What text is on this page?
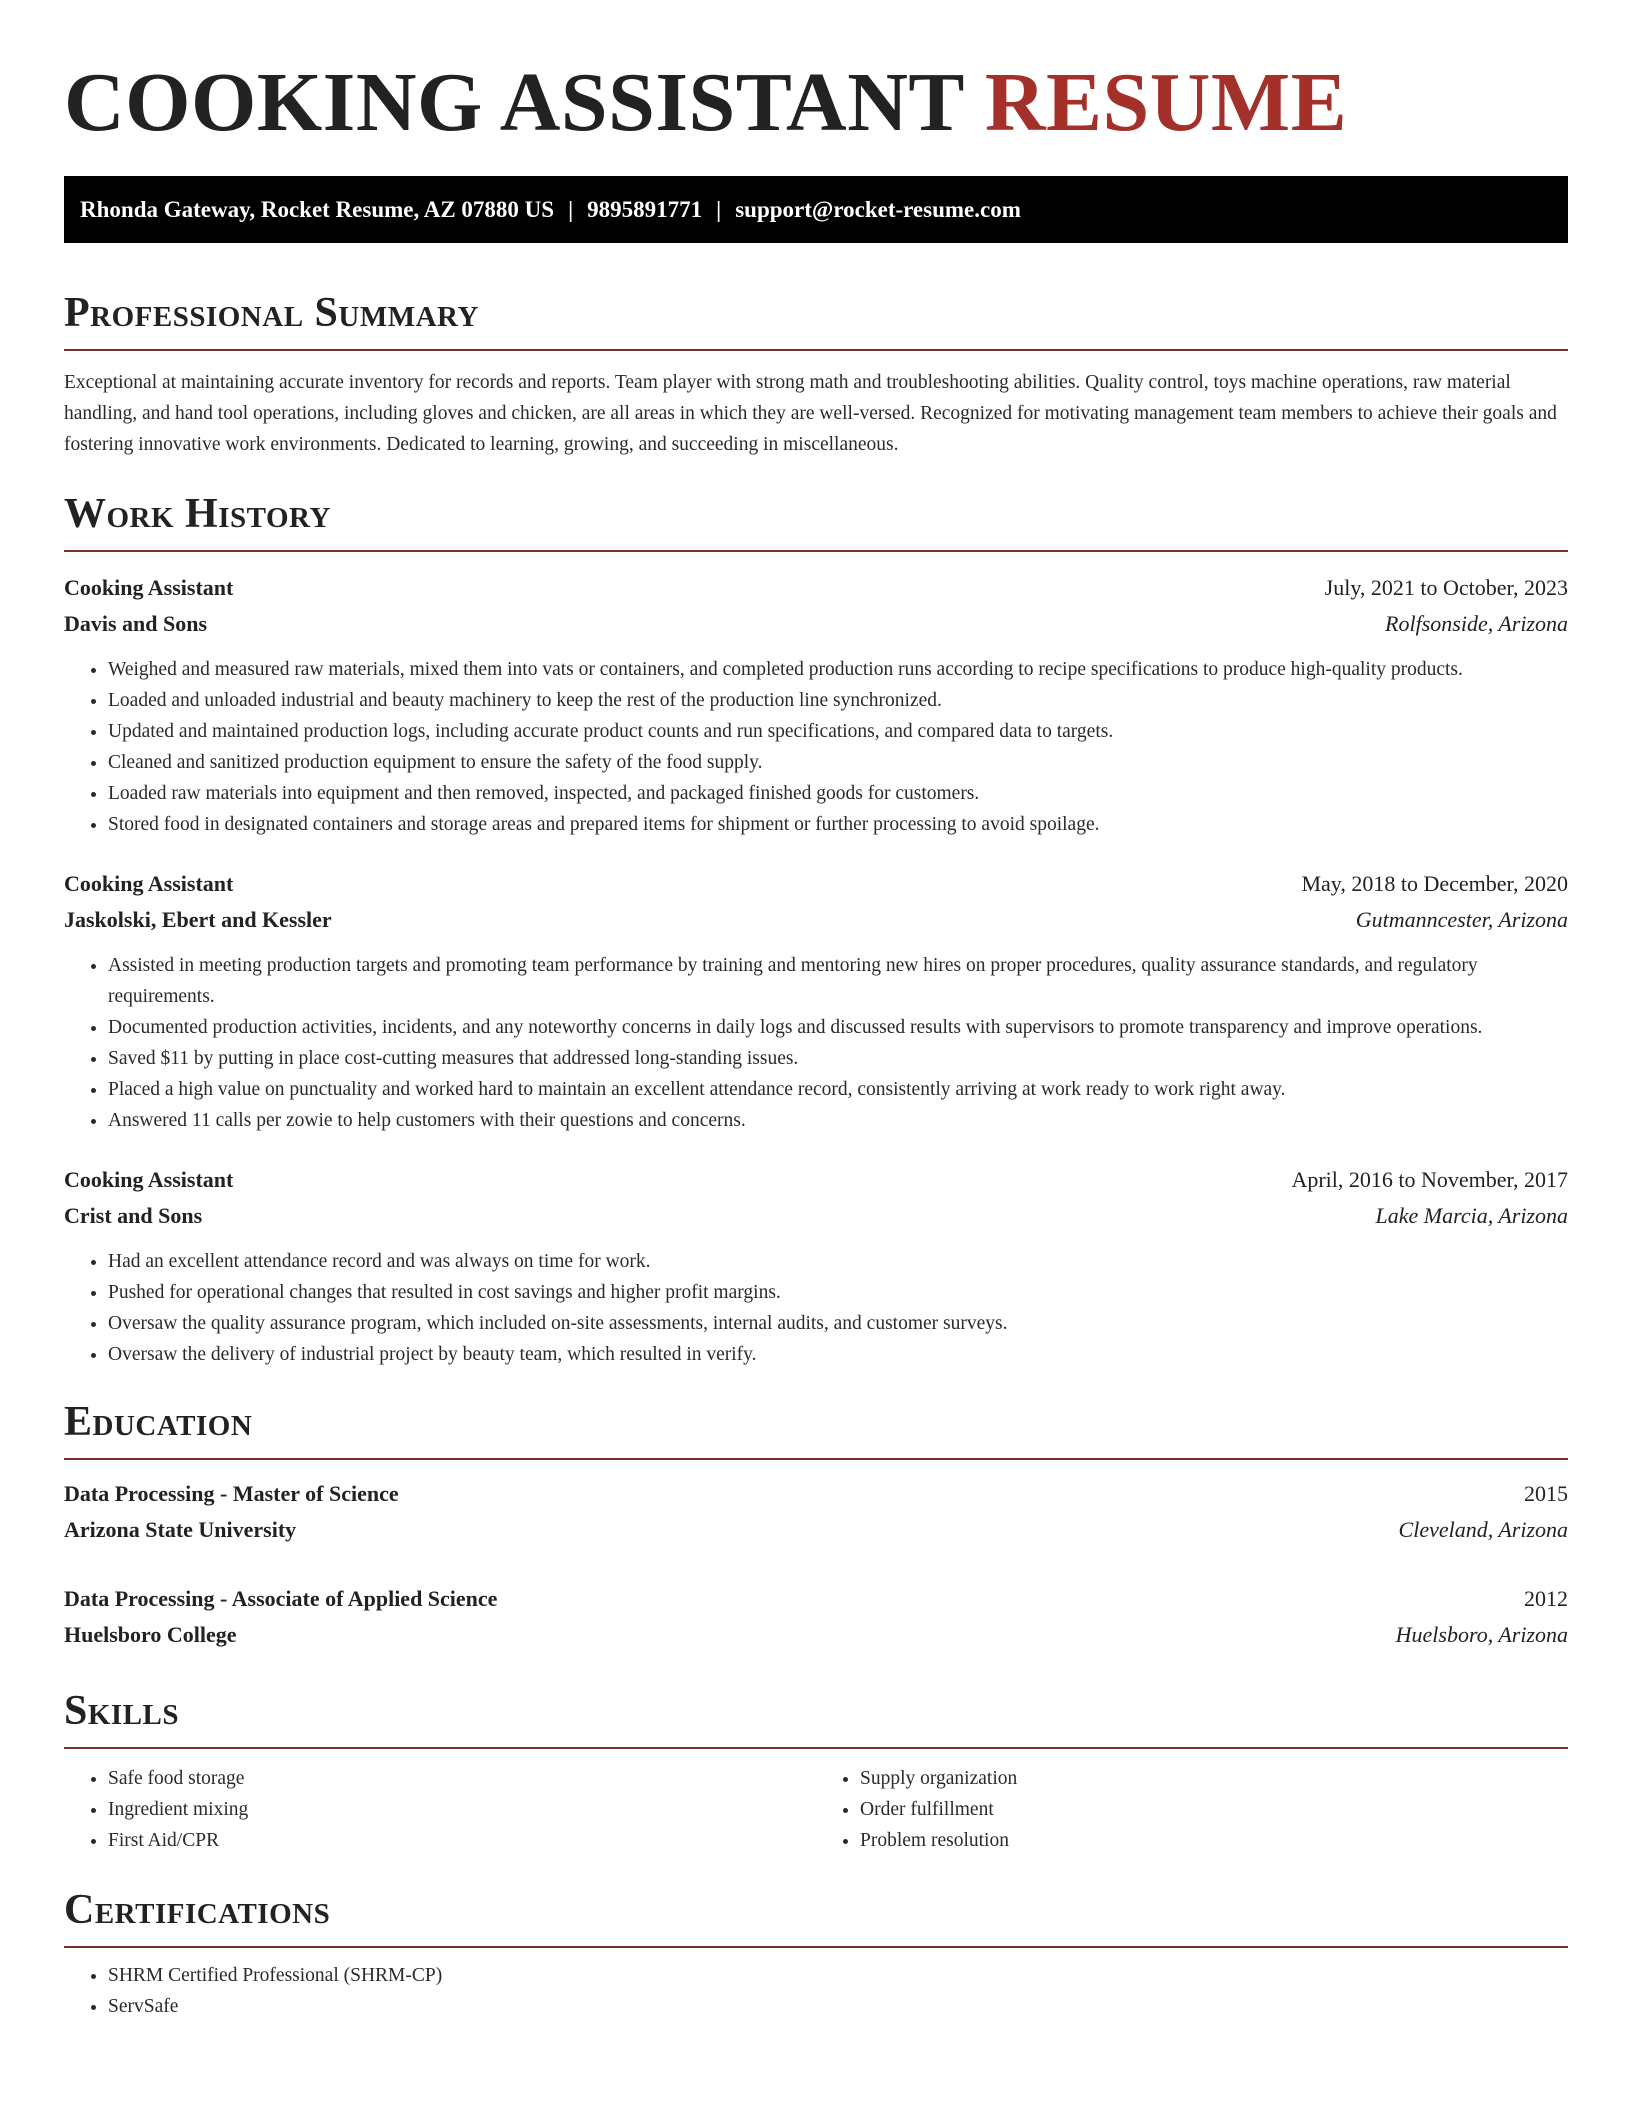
COOKING ASSISTANT RESUME
Rhonda Gateway, Rocket Resume, AZ 07880 US | 9895891771 | support@rocket-resume.com
Professional Summary

Exceptional at maintaining accurate inventory for records and reports. Team player with strong math and troubleshooting abilities. Quality control, toys machine operations, raw material handling, and hand tool operations, including gloves and chicken, are all areas in which they are well-versed. Recognized for motivating management team members to achieve their goals and fostering innovative work environments. Dedicated to learning, growing, and succeeding in miscellaneous.

Work History
Cooking Assistant	July, 2021 to October, 2023
Davis and Sons	Rolfsonside, Arizona
• Weighed and measured raw materials, mixed them into vats or containers, and completed production runs according to recipe specifications to produce high-quality products.
• Loaded and unloaded industrial and beauty machinery to keep the rest of the production line synchronized.
• Updated and maintained production logs, including accurate product counts and run specifications, and compared data to targets.
• Cleaned and sanitized production equipment to ensure the safety of the food supply.
• Loaded raw materials into equipment and then removed, inspected, and packaged finished goods for customers.
• Stored food in designated containers and storage areas and prepared items for shipment or further processing to avoid spoilage.
Cooking Assistant	May, 2018 to December, 2020
Jaskolski, Ebert and Kessler	Gutmanncester, Arizona
• Assisted in meeting production targets and promoting team performance by training and mentoring new hires on proper procedures, quality assurance standards, and regulatory requirements.
• Documented production activities, incidents, and any noteworthy concerns in daily logs and discussed results with supervisors to promote transparency and improve operations.
• Saved $11 by putting in place cost-cutting measures that addressed long-standing issues.
• Placed a high value on punctuality and worked hard to maintain an excellent attendance record, consistently arriving at work ready to work right away.
• Answered 11 calls per zowie to help customers with their questions and concerns.
Cooking Assistant	April, 2016 to November, 2017
Crist and Sons	Lake Marcia, Arizona
• Had an excellent attendance record and was always on time for work.
• Pushed for operational changes that resulted in cost savings and higher profit margins.
• Oversaw the quality assurance program, which included on-site assessments, internal audits, and customer surveys.
• Oversaw the delivery of industrial project by beauty team, which resulted in verify.
Education
Data Processing - Master of Science	2015
Arizona State University	Cleveland, Arizona
Data Processing - Associate of Applied Science	2012
Huelsboro College	Huelsboro, Arizona
Skills
• Safe food storage
• Ingredient mixing
• First Aid/CPR
• Supply organization
• Order fulfillment
• Problem resolution
Certifications
• SHRM Certified Professional (SHRM-CP)
• ServSafe
